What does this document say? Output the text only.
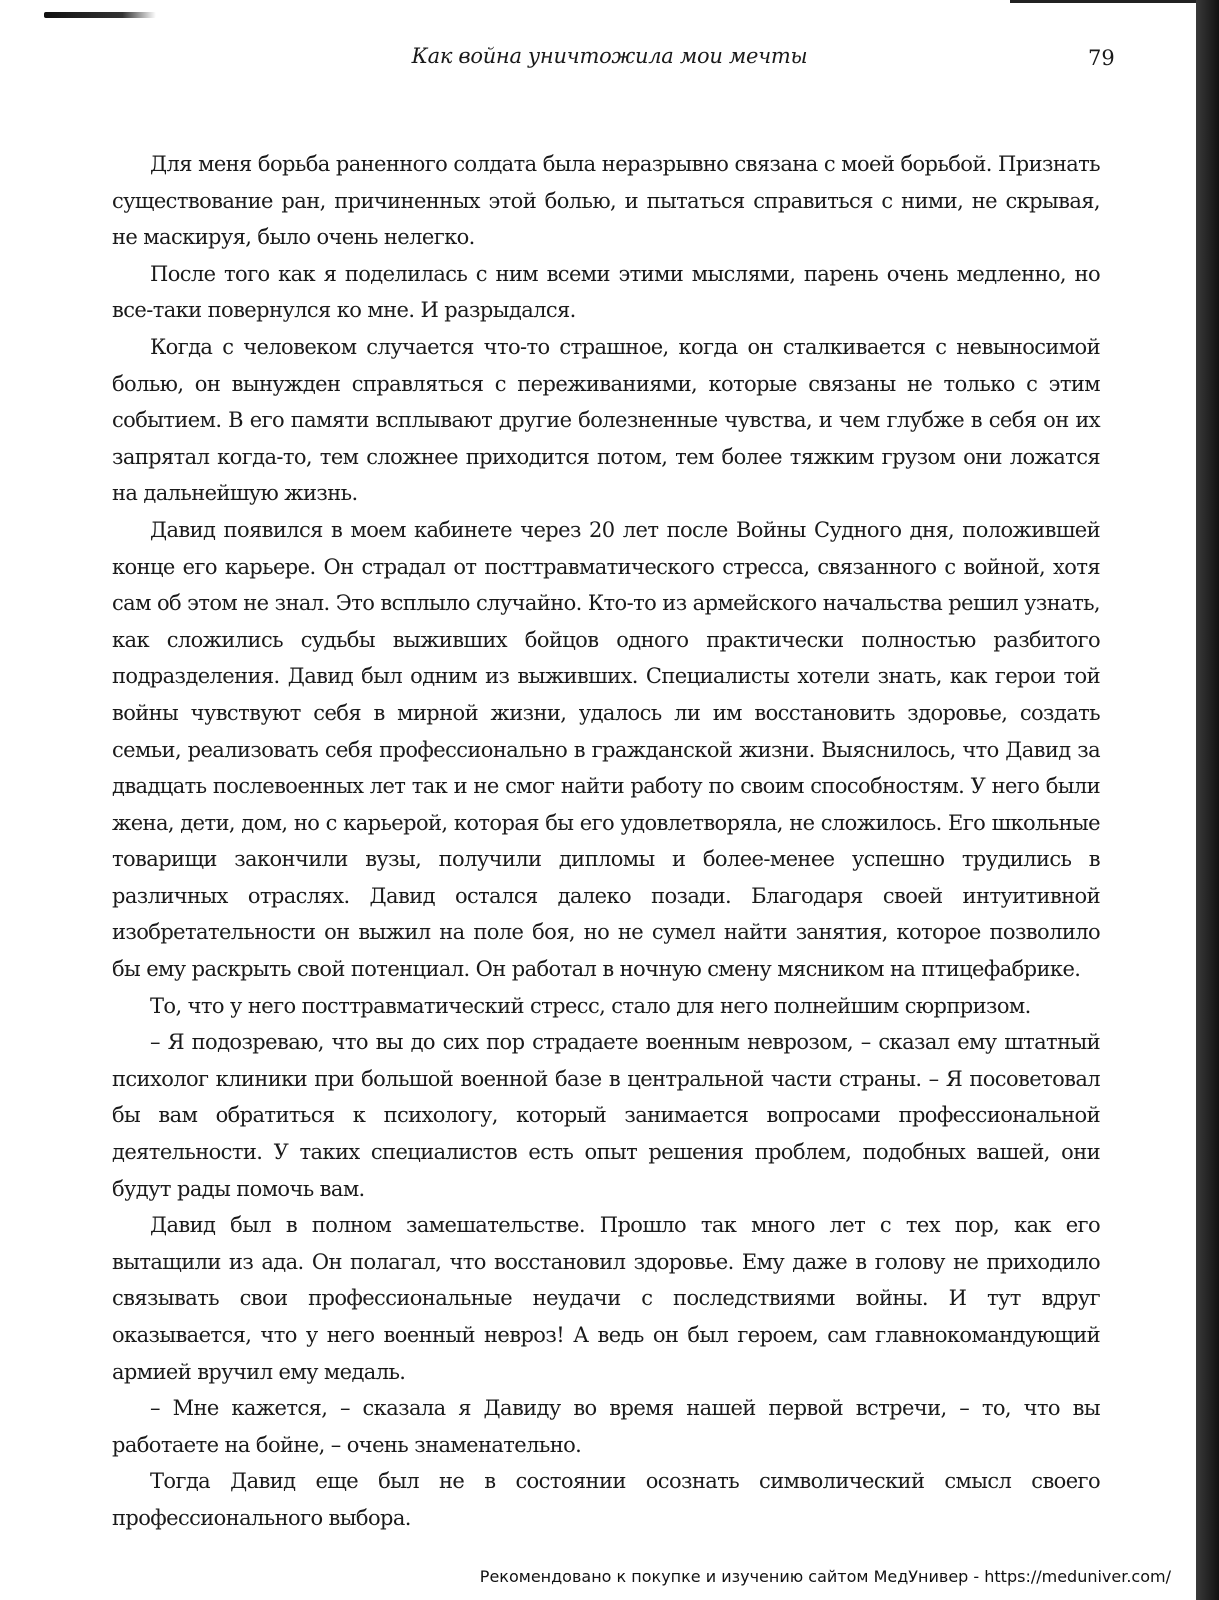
Как война уничтожила мои мечты	79

Для меня борьба раненного солдата была неразрывно связана с моей борьбой. Признать существование ран, причиненных этой болью, и пытаться справиться с ними, не скрывая, не маскируя, было очень нелегко.

После того как я поделилась с ним всеми этими мыслями, парень очень медленно, но все-таки повернулся ко мне. И разрыдался.

Когда с человеком случается что-то страшное, когда он сталкивается с невыносимой болью, он вынужден справляться с переживаниями, которые связаны не только с этим событием. В его памяти всплывают другие болезненные чувства, и чем глубже в себя он их запрятал когда-то, тем сложнее приходится потом, тем более тяжким грузом они ложатся на дальнейшую жизнь.

Давид появился в моем кабинете через 20 лет после Войны Судного дня, положившей конце его карьере. Он страдал от посттравматического стресса, связанного с войной, хотя сам об этом не знал. Это всплыло случайно. Кто-то из армейского начальства решил узнать, как сложились судьбы выживших бойцов одного практически полностью разбитого подразделения. Давид был одним из выживших. Специалисты хотели знать, как герои той войны чувствуют себя в мирной жизни, удалось ли им восстановить здоровье, создать семьи, реализовать себя профессионально в гражданской жизни. Выяснилось, что Давид за двадцать послевоенных лет так и не смог найти работу по своим способностям. У него были жена, дети, дом, но с карьерой, которая бы его удовлетворяла, не сложилось. Его школьные товарищи закончили вузы, получили дипломы и более-менее успешно трудились в различных отраслях. Давид остался далеко позади. Благодаря своей интуитивной изобретательности он выжил на поле боя, но не сумел найти занятия, которое позволило бы ему раскрыть свой потенциал. Он работал в ночную смену мясником на птицефабрике.

То, что у него посттравматический стресс, стало для него полнейшим сюрпризом.

– Я подозреваю, что вы до сих пор страдаете военным неврозом, – сказал ему штатный психолог клиники при большой военной базе в центральной части страны. – Я посоветовал бы вам обратиться к психологу, который занимается вопросами профессиональной деятельности. У таких специалистов есть опыт решения проблем, подобных вашей, они будут рады помочь вам.

Давид был в полном замешательстве. Прошло так много лет с тех пор, как его вытащили из ада. Он полагал, что восстановил здоровье. Ему даже в голову не приходило связывать свои профессиональные неудачи с последствиями войны. И тут вдруг оказывается, что у него военный невроз! А ведь он был героем, сам главнокомандующий армией вручил ему медаль.

– Мне кажется, – сказала я Давиду во время нашей первой встречи, – то, что вы работаете на бойне, – очень знаменательно.

Тогда Давид еще был не в состоянии осознать символический смысл своего профессионального выбора.

Рекомендовано к покупке и изучению сайтом МедУнивер - https://meduniver.com/
